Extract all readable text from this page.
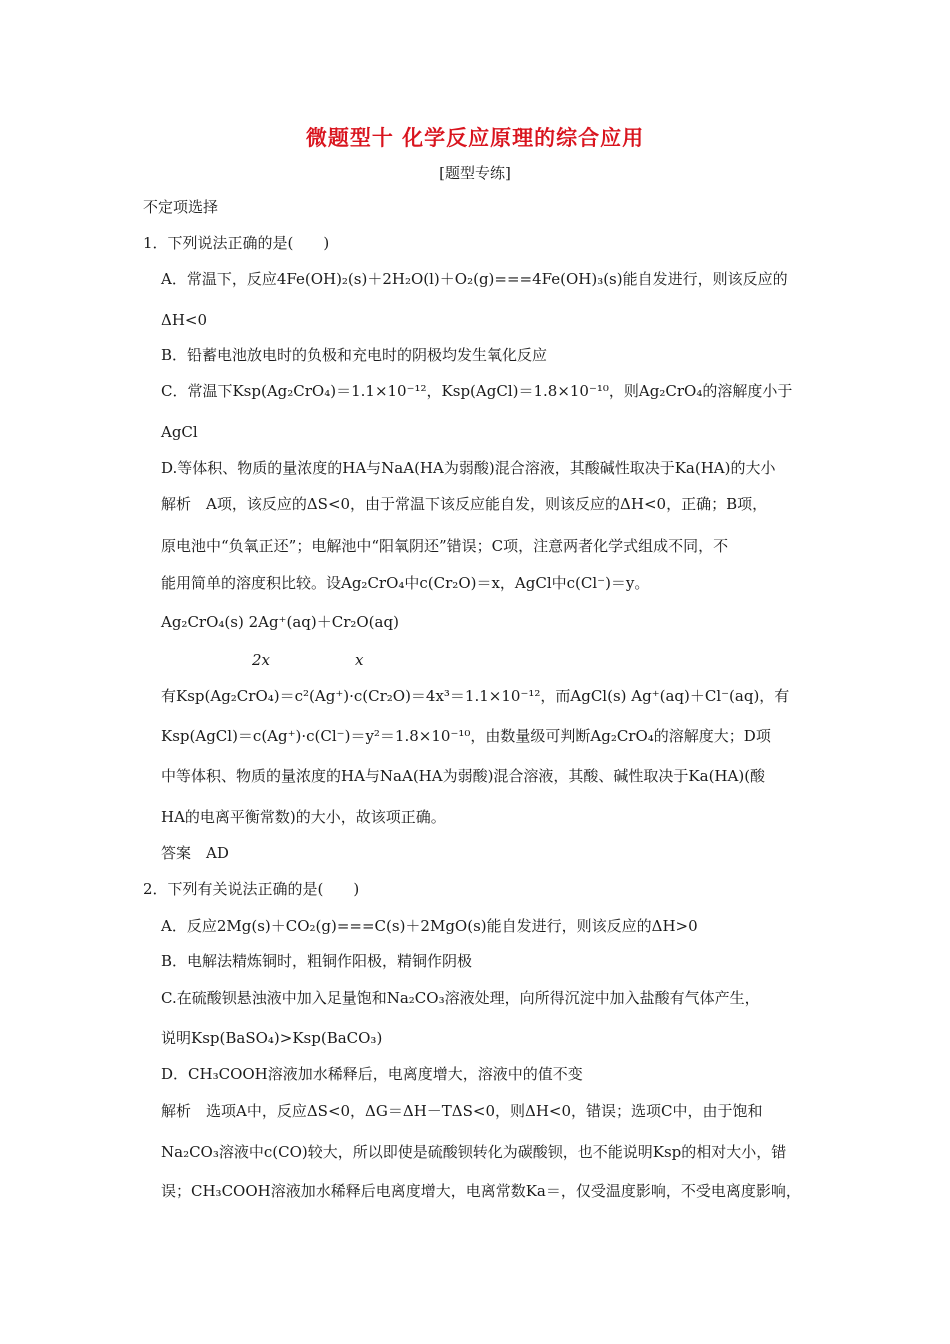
微题型十 化学反应原理的综合应用
[题型专练]
不定项选择
1．下列说法正确的是(　　)
A．常温下，反应4Fe(OH)₂(s)＋2H₂O(l)＋O₂(g)===4Fe(OH)₃(s)能自发进行，则该反应的
ΔH<0
B．铅蓄电池放电时的负极和充电时的阴极均发生氧化反应
C．常温下Ksp(Ag₂CrO₄)＝1.1×10⁻¹²，Ksp(AgCl)＝1.8×10⁻¹⁰，则Ag₂CrO₄的溶解度小于
AgCl
D.等体积、物质的量浓度的HA与NaA(HA为弱酸)混合溶液，其酸碱性取决于Ka(HA)的大小
解析　A项，该反应的ΔS<0，由于常温下该反应能自发，则该反应的ΔH<0，正确；B项，
原电池中“负氧正还”；电解池中“阳氧阴还”错误；C项，注意两者化学式组成不同，不
能用简单的溶度积比较。设Ag₂CrO₄中c(Cr₂O)＝x，AgCl中c(Cl⁻)＝y。
Ag₂CrO₄(s) 2Ag⁺(aq)＋Cr₂O(aq)
2x	x
有Ksp(Ag₂CrO₄)＝c²(Ag⁺)·c(Cr₂O)＝4x³＝1.1×10⁻¹²，而AgCl(s) Ag⁺(aq)＋Cl⁻(aq)，有
Ksp(AgCl)＝c(Ag⁺)·c(Cl⁻)＝y²＝1.8×10⁻¹⁰，由数量级可判断Ag₂CrO₄的溶解度大；D项
中等体积、物质的量浓度的HA与NaA(HA为弱酸)混合溶液，其酸、碱性取决于Ka(HA)(酸
HA的电离平衡常数)的大小，故该项正确。
答案　AD
2．下列有关说法正确的是(　　)
A．反应2Mg(s)＋CO₂(g)===C(s)＋2MgO(s)能自发进行，则该反应的ΔH>0
B．电解法精炼铜时，粗铜作阳极，精铜作阴极
C.在硫酸钡悬浊液中加入足量饱和Na₂CO₃溶液处理，向所得沉淀中加入盐酸有气体产生，
说明Ksp(BaSO₄)>Ksp(BaCO₃)
D．CH₃COOH溶液加水稀释后，电离度增大，溶液中的值不变
解析　选项A中，反应ΔS<0，ΔG＝ΔH－TΔS<0，则ΔH<0，错误；选项C中，由于饱和
Na₂CO₃溶液中c(CO)较大，所以即使是硫酸钡转化为碳酸钡，也不能说明Ksp的相对大小，错
误；CH₃COOH溶液加水稀释后电离度增大，电离常数Ka＝，仅受温度影响，不受电离度影响，
